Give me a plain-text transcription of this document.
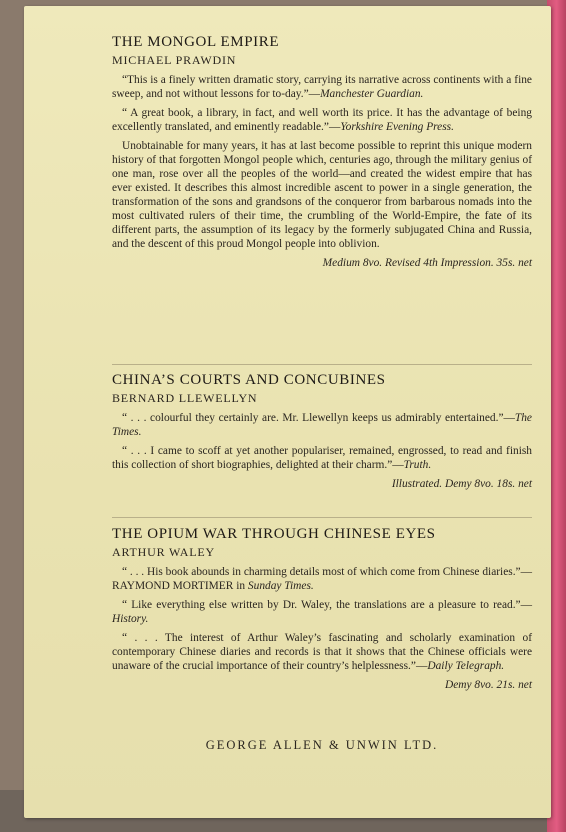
THE MONGOL EMPIRE
MICHAEL PRAWDIN

“This is a finely written dramatic story, carrying its narrative across continents with a fine sweep, and not without lessons for to-day.”—Manchester Guardian.

“ A great book, a library, in fact, and well worth its price. It has the advantage of being excellently translated, and eminently readable.”—Yorkshire Evening Press.

Unobtainable for many years, it has at last become possible to reprint this unique modern history of that forgotten Mongol people which, centuries ago, through the military genius of one man, rose over all the peoples of the world—and created the widest empire that has ever existed. It describes this almost incredible ascent to power in a single generation, the transformation of the sons and grandsons of the conqueror from barbarous nomads into the most cultivated rulers of their time, the crumbling of the World-Empire, the fate of its different parts, the assumption of its legacy by the formerly subjugated China and Russia, and the descent of this proud Mongol people into oblivion.

Medium 8vo. Revised 4th Impression. 35s. net
CHINA’S COURTS AND CONCUBINES
BERNARD LLEWELLYN

“ . . . colourful they certainly are. Mr. Llewellyn keeps us admirably entertained.”—The Times.

“ . . . I came to scoff at yet another populariser, remained, engrossed, to read and finish this collection of short biographies, delighted at their charm.”—Truth.

Illustrated. Demy 8vo. 18s. net
THE OPIUM WAR THROUGH CHINESE EYES
ARTHUR WALEY

“ . . . His book abounds in charming details most of which come from Chinese diaries.”—RAYMOND MORTIMER in Sunday Times.

“ Like everything else written by Dr. Waley, the translations are a pleasure to read.”—History.

“ . . . The interest of Arthur Waley’s fascinating and scholarly examination of contemporary Chinese diaries and records is that it shows that the Chinese officials were unaware of the crucial importance of their country’s helplessness.”—Daily Telegraph.

Demy 8vo. 21s. net
GEORGE ALLEN & UNWIN LTD.
